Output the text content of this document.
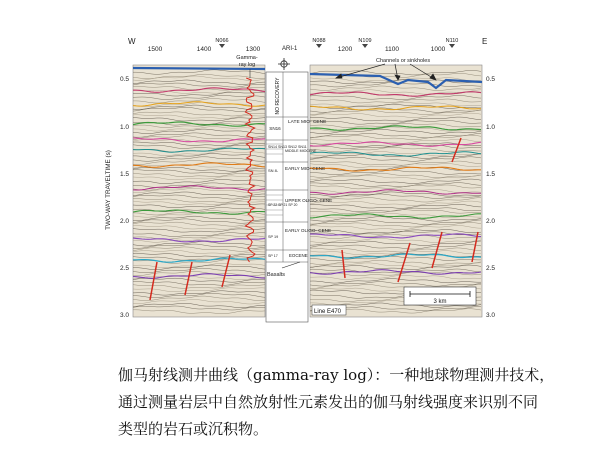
W	E
1500	1400	1300	1200	1100	1000
N066	N088	N109	N110
ARI-1
Gamma-
ray log
Channels or sinkholes
TWO-WAY TRAVELTIME (s)
0.5
1.0
1.5
2.0
2.5
3.0
0.5
1.0
1.5
2.0
2.5
3.0
NO RECOVERY
SN16
LATE MIO- CENE
SN14 SN13 SN12 SN11
MIDDLE MIOCENE
SN 8- EARLY MIO- CENE
SP 22 SP 21 SP 20
UPPER OLIGO- CENE
SP 19
EARLY OLIGO- CENE
SP 17	EOCENE
Basalts
3 km
Line E470

伽马射线测井曲线（gamma-ray log）：一种地球物理测井技术，

通过测量岩层中自然放射性元素发出的伽马射线强度来识别不同

类型的岩石或沉积物。
